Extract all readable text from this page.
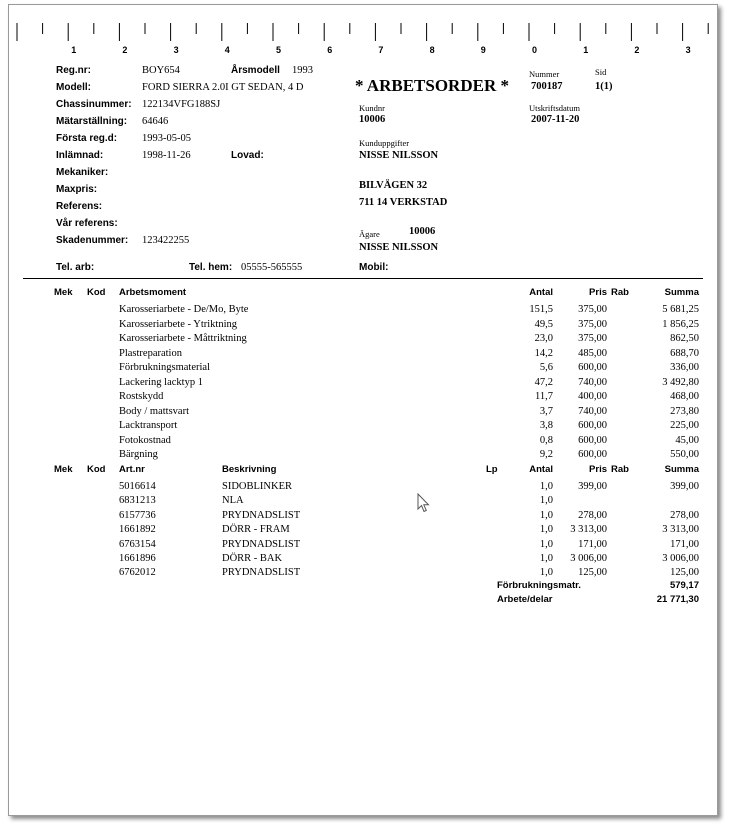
1	2	3	4	5	6	7	8	9	0	1	2	3
Reg.nr:	BOY654	Årsmodell 1993
Modell:	FORD SIERRA 2.0I GT SEDAN, 4 D
Chassinummer: 122134VFG188SJ
Mätarställning: 64646
Första reg.d: 1993-05-05
Inlämnad:	1998-11-26	Lovad:
Mekaniker:
Maxpris:
Referens:
Vår referens:
Skadenummer: 123422255
Tel. arb:	Tel. hem: 05555-565555
* ARBETSORDER *
Nummer
700187
Sid
1(1)
Kundnr
10006
Utskriftsdatum
2007-11-20
Kunduppgifter
NISSE NILSSON
BILVÄGEN 32
711 14 VERKSTAD
Ägare	10006
NISSE NILSSON
Mobil:
Mek Kod Arbetsmoment	Antal	Pris Rab	Summa
Karosseriarbete - De/Mo, Byte	151,5	375,00	5 681,25
Karosseriarbete - Ytriktning	49,5	375,00	1 856,25
Karosseriarbete - Måttriktning	23,0	375,00	862,50
Plastreparation	14,2	485,00	688,70
Förbrukningsmaterial	5,6	600,00	336,00
Lackering lacktyp 1	47,2	740,00	3 492,80
Rostskydd	11,7	400,00	468,00
Body / mattsvart	3,7	740,00	273,80
Lacktransport	3,8	600,00	225,00
Fotokostnad	0,8	600,00	45,00
Bärgning	9,2	600,00	550,00
Mek Kod Art.nr	Beskrivning	Lp	Antal	Pris Rab	Summa
5016614	SIDOBLINKER	1,0	399,00	399,00
6831213	NLA	1,0
6157736	PRYDNADSLIST	1,0	278,00	278,00
1661892	DÖRR - FRAM	1,0	3 313,00	3 313,00
6763154	PRYDNADSLIST	1,0	171,00	171,00
1661896	DÖRR - BAK	1,0	3 006,00	3 006,00
6762012	PRYDNADSLIST	1,0	125,00	125,00
Förbrukningsmatr.	579,17
Arbete/delar	21 771,30
